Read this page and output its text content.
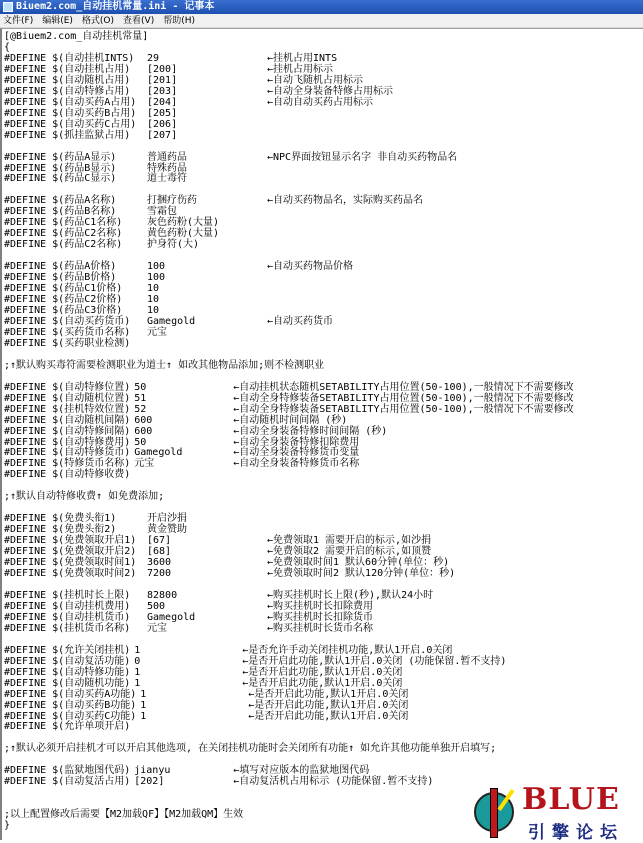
Biuem2.com_自动挂机常量.ini - 记事本
文件(F) 编辑(E) 格式(O) 查看(V) 帮助(H)
[@Biuem2.com_自动挂机常量]
{
#DEFINE $(自动挂机INTS) 29	←挂机占用INTS
#DEFINE $(自动挂机占用) [200]	←挂机占用标示
#DEFINE $(自动随机占用) [201]	←自动飞随机占用标示
#DEFINE $(自动特修占用) [203]	←自动全身装备特修占用标示
#DEFINE $(自动买药A占用) [204]	←自动自动买药占用标示
#DEFINE $(自动买药B占用) [205]
#DEFINE $(自动买药C占用) [206]
#DEFINE $(抓挂监狱占用) [207]
#DEFINE $(药品A显示)	普通药品	←NPC界面按钮显示名字 非自动买药物品名
#DEFINE $(药品B显示)	特殊药品
#DEFINE $(药品C显示)	道士毒符
#DEFINE $(药品A名称)	打捆疗伤药	←自动买药物品名，实际购买药品名
#DEFINE $(药品B名称)	雪霜包
#DEFINE $(药品C1名称) 灰色药粉(大量)
#DEFINE $(药品C2名称) 黄色药粉(大量)
#DEFINE $(药品C2名称) 护身符(大)
#DEFINE $(药品A价格)	100	←自动买药物品价格
#DEFINE $(药品B价格)	100
#DEFINE $(药品C1价格) 10
#DEFINE $(药品C2价格) 10
#DEFINE $(药品C3价格) 10
#DEFINE $(自动买药货币) Gamegold	←自动买药货币
#DEFINE $(买药货币名称) 元宝
#DEFINE $(买药职业检测)
;↑默认购买毒符需要检测职业为道士↑ 如改其他物品添加;则不检测职业
#DEFINE $(自动特修位置) 50	←自动挂机状态随机SETABILITY占用位置(50-100),一般情况下不需要修改
#DEFINE $(自动随机位置) 51	←自动全身特修装备SETABILITY占用位置(50-100),一般情况下不需要修改
#DEFINE $(挂机特效位置) 52	←自动全身特修装备SETABILITY占用位置(50-100),一般情况下不需要修改
#DEFINE $(自动随机间隔) 600	←自动随机时间间隔 (秒)
#DEFINE $(自动特修间隔) 600	←自动全身装备特修时间间隔 (秒)
#DEFINE $(自动特修费用) 50	←自动全身装备特修扣除费用
#DEFINE $(自动特修货币) Gamegold	←自动全身装备特修货币变量
#DEFINE $(特修货币名称) 元宝	←自动全身装备特修货币名称
#DEFINE $(自动特修收费)
;↑默认自动特修收费↑ 如免费添加;
#DEFINE $(免费头衔1)	开启沙捐
#DEFINE $(免费头衔2)	黄金赞助
#DEFINE $(免费领取开启1) [67]	←免费领取1 需要开启的标示,如沙捐
#DEFINE $(免费领取开启2) [68]	←免费领取2 需要开启的标示,如顶赞
#DEFINE $(免费领取时间1) 3600	←免费领取时间1 默认60分钟(单位：秒)
#DEFINE $(免费领取时间2) 7200	←免费领取时间2 默认120分钟(单位：秒)
#DEFINE $(挂机时长上限) 82800	←购买挂机时长上限(秒),默认24小时
#DEFINE $(自动挂机费用) 500	←购买挂机时长扣除费用
#DEFINE $(自动挂机货币) Gamegold	←购买挂机时长扣除货币
#DEFINE $(挂机货币名称) 元宝	←购买挂机时长货币名称
#DEFINE $(允许关闭挂机) 1	←是否允许手动关闭挂机功能,默认1开启.0关闭
#DEFINE $(自动复活功能) 0	←是否开启此功能,默认1开启.0关闭 (功能保留.暂不支持)
#DEFINE $(自动特修功能) 1	←是否开启此功能,默认1开启.0关闭
#DEFINE $(自动随机功能) 1	←是否开启此功能,默认1开启.0关闭
#DEFINE $(自动买药A功能) 1	←是否开启此功能,默认1开启.0关闭
#DEFINE $(自动买药B功能) 1	←是否开启此功能,默认1开启.0关闭
#DEFINE $(自动买药C功能) 1	←是否开启此功能,默认1开启.0关闭
#DEFINE $(允许单项开启)
;↑默认必须开启挂机才可以开启其他选项, 在关闭挂机功能时会关闭所有功能↑ 如允许其他功能单独开启填写;
#DEFINE $(监狱地图代码) jianyu	←填写对应版本的监狱地图代码
#DEFINE $(自动复活占用) [202]	←自动复活机占用标示 (功能保留.暂不支持)
;以上配置修改后需要【M2加载QF】【M2加载QM】生效
}
BLUE
引擎论坛
